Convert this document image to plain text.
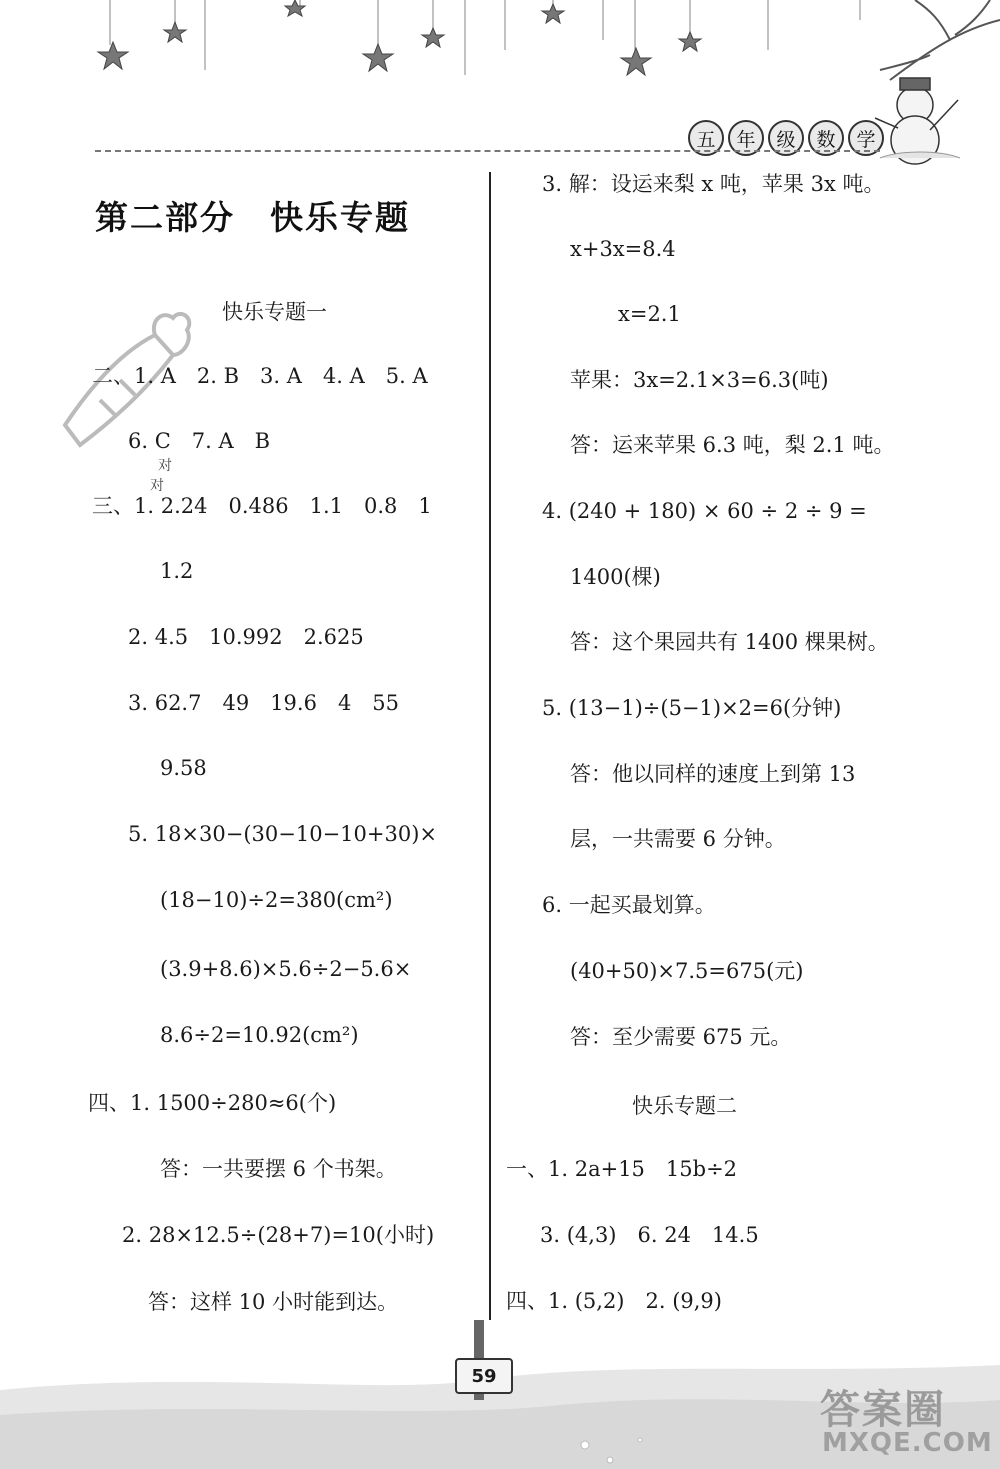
五	年	级	数	学
第二部分　快乐专题
快乐专题一
二、1. A　2. B　3. A　4. A　5. A
6. C　7. A　B
对
对
三、1. 2.24　0.486　1.1　0.8　1
1.2
2. 4.5　10.992　2.625
3. 62.7　49　19.6　4　55
9.58
5. 18×30−(30−10−10+30)×
(18−10)÷2=380(cm²)
(3.9+8.6)×5.6÷2−5.6×
8.6÷2=10.92(cm²)
四、1. 1500÷280≈6(个)
答：一共要摆 6 个书架。
2. 28×12.5÷(28+7)=10(小时)
答：这样 10 小时能到达。
3. 解：设运来梨 x 吨，苹果 3x 吨。
x+3x=8.4
x=2.1
苹果：3x=2.1×3=6.3(吨)
答：运来苹果 6.3 吨，梨 2.1 吨。
4. (240 + 180) × 60 ÷ 2 ÷ 9 =
1400(棵)
答：这个果园共有 1400 棵果树。
5. (13−1)÷(5−1)×2=6(分钟)
答：他以同样的速度上到第 13
层，一共需要 6 分钟。
6. 一起买最划算。
(40+50)×7.5=675(元)
答：至少需要 675 元。
快乐专题二
一、1. 2a+15　15b÷2
3. (4,3)　6. 24　14.5
四、1. (5,2)　2. (9,9)
59
答案圈
MXQE.COM
